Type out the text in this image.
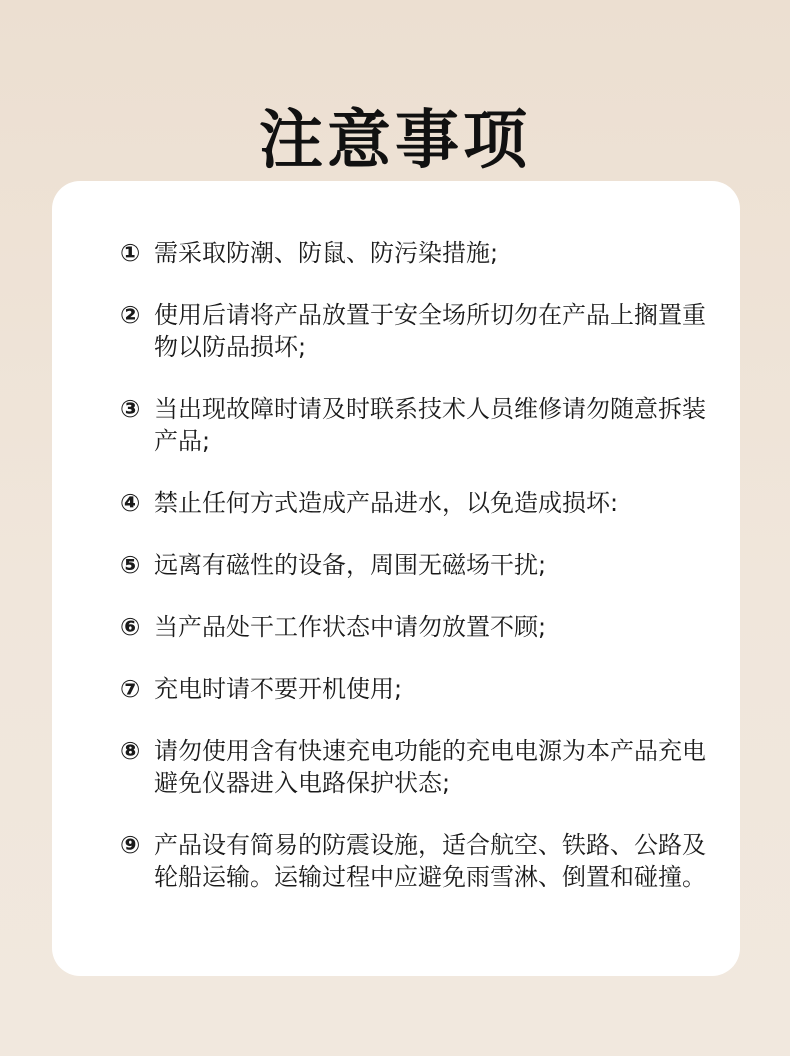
注意事项
① 需采取防潮、防鼠、防污染措施;
② 使用后请将产品放置于安全场所切勿在产品上搁置重物以防品损坏;
③ 当出现故障时请及时联系技术人员维修请勿随意拆装产品;
④ 禁止任何方式造成产品进水，以免造成损坏:
⑤ 远离有磁性的设备，周围无磁场干扰;
⑥ 当产品处干工作状态中请勿放置不顾;
⑦ 充电时请不要开机使用;
⑧ 请勿使用含有快速充电功能的充电电源为本产品充电避免仪器进入电路保护状态;
⑨ 产品设有简易的防震设施，适合航空、铁路、公路及轮船运输。运输过程中应避免雨雪淋、倒置和碰撞。
